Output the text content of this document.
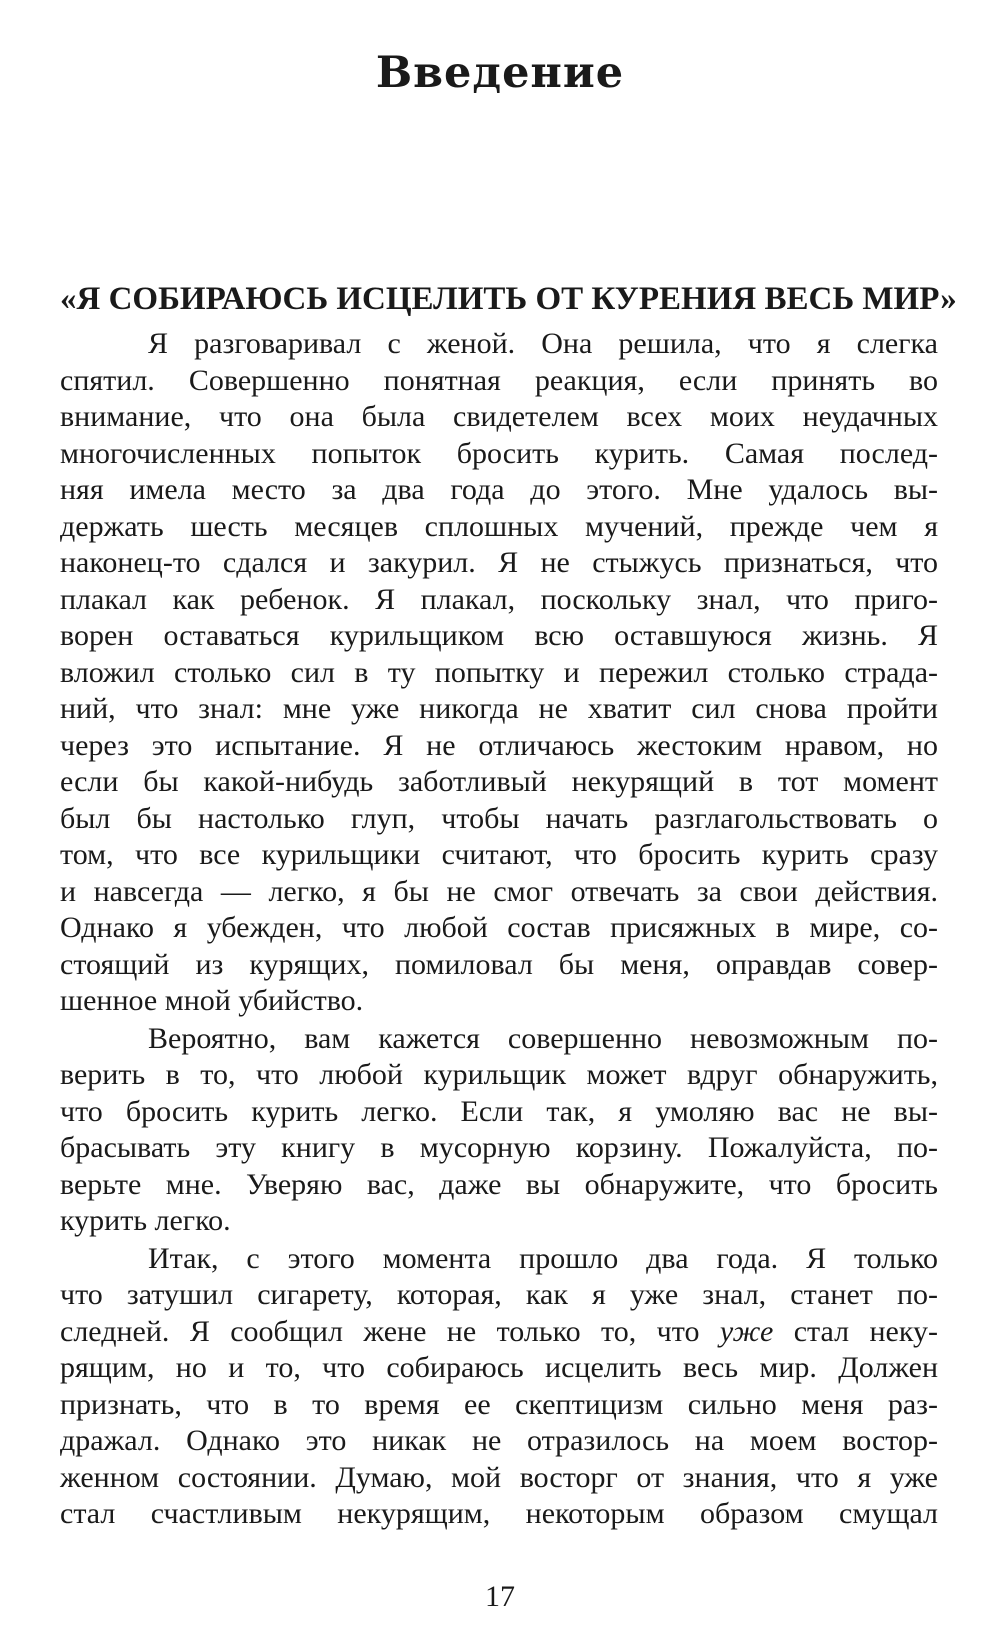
Введение
«Я СОБИРАЮСЬ ИСЦЕЛИТЬ ОТ КУРЕНИЯ ВЕСЬ МИР»
Я разговаривал с женой. Она решила, что я слегка
спятил. Совершенно понятная реакция, если принять во
внимание, что она была свидетелем всех моих неудачных
многочисленных попыток бросить курить. Самая послед-
няя имела место за два года до этого. Мне удалось вы-
держать шесть месяцев сплошных мучений, прежде чем я
наконец-то сдался и закурил. Я не стыжусь признаться, что
плакал как ребенок. Я плакал, поскольку знал, что приго-
ворен оставаться курильщиком всю оставшуюся жизнь. Я
вложил столько сил в ту попытку и пережил столько страда-
ний, что знал: мне уже никогда не хватит сил снова пройти
через это испытание. Я не отличаюсь жестоким нравом, но
если бы какой-нибудь заботливый некурящий в тот момент
был бы настолько глуп, чтобы начать разглагольствовать о
том, что все курильщики считают, что бросить курить сразу
и навсегда — легко, я бы не смог отвечать за свои действия.
Однако я убежден, что любой состав присяжных в мире, со-
стоящий из курящих, помиловал бы меня, оправдав совер-
шенное мной убийство.
Вероятно, вам кажется совершенно невозможным по-
верить в то, что любой курильщик может вдруг обнаружить,
что бросить курить легко. Если так, я умоляю вас не вы-
брасывать эту книгу в мусорную корзину. Пожалуйста, по-
верьте мне. Уверяю вас, даже вы обнаружите, что бросить
курить легко.
Итак, с этого момента прошло два года. Я только
что затушил сигарету, которая, как я уже знал, станет по-
следней. Я сообщил жене не только то, что уже стал неку-
рящим, но и то, что собираюсь исцелить весь мир. Должен
признать, что в то время ее скептицизм сильно меня раз-
дражал. Однако это никак не отразилось на моем востор-
женном состоянии. Думаю, мой восторг от знания, что я уже
стал счастливым некурящим, некоторым образом смущал
17
